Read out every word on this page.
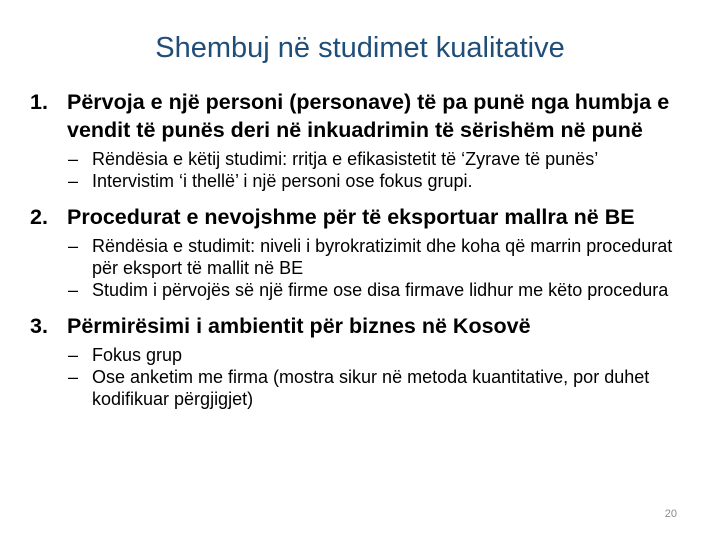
Shembuj në studimet kualitative
1. Përvoja e një personi (personave) të pa punë nga humbja e vendit të punës deri në inkuadrimin të sërishëm në punë
– Rëndësia e këtij studimi: rritja e efikasistetit të ‘Zyrave të punës’
– Intervistim ‘i thellë’ i një personi ose fokus grupi.
2. Procedurat e nevojshme për të eksportuar mallra në BE
– Rëndësia e studimit: niveli i byrokratizimit dhe koha që marrin procedurat për eksport të mallit në BE
– Studim i përvojës së një firme ose disa firmave lidhur me këto procedura
3. Përmirësimi i ambientit për biznes në Kosovë
– Fokus grup
– Ose anketim me firma (mostra sikur në metoda kuantitative, por duhet kodifikuar përgjigjet)
20
